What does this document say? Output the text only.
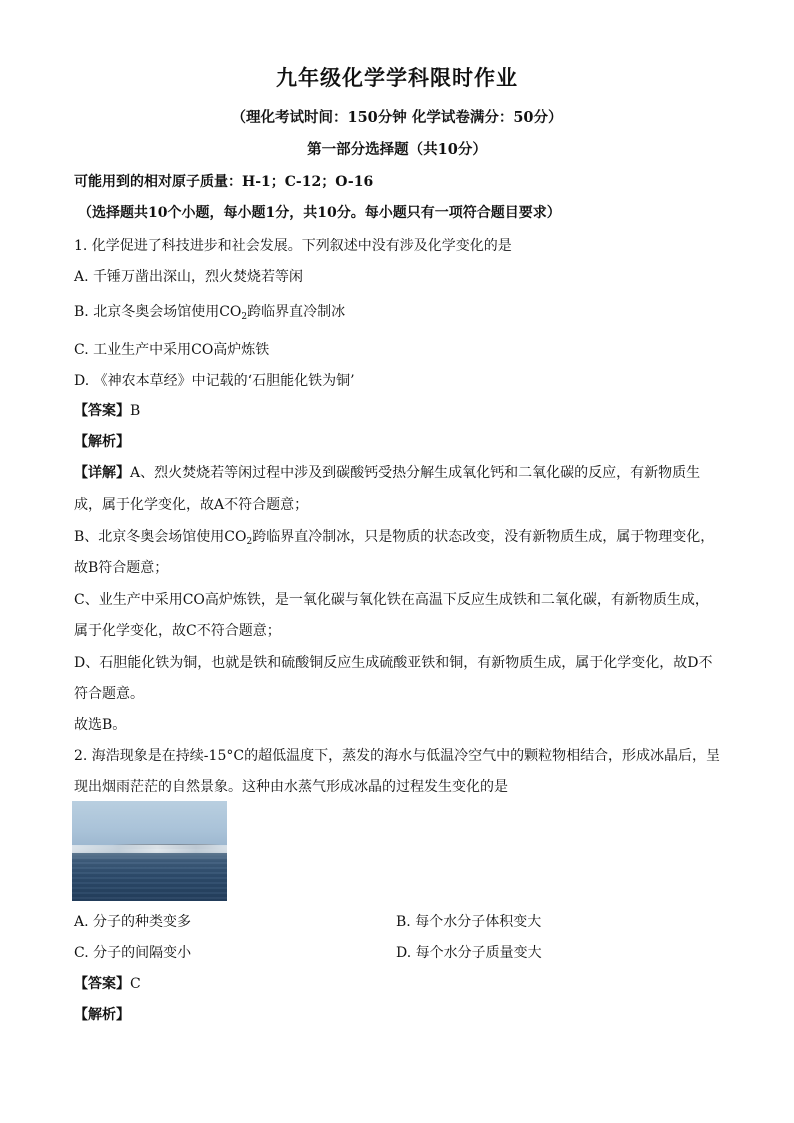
九年级化学学科限时作业
（理化考试时间：150分钟 化学试卷满分：50分）
第一部分选择题（共10分）
可能用到的相对原子质量：H-1；C-12；O-16
（选择题共10个小题，每小题1分，共10分。每小题只有一项符合题目要求）
1. 化学促进了科技进步和社会发展。下列叙述中没有涉及化学变化的是
A. 千锤万凿出深山，烈火焚烧若等闲
B. 北京冬奥会场馆使用$CO_2$跨临界直冷制冰
C. 工业生产中采用CO高炉炼铁
D. 《神农本草经》中记载的‘石胆能化铁为铜’
【答案】B
【解析】
【详解】A、烈火焚烧若等闲过程中涉及到碳酸钙受热分解生成氧化钙和二氧化碳的反应，有新物质生
成，属于化学变化，故A不符合题意；
B、北京冬奥会场馆使用$CO_2$跨临界直冷制冰，只是物质的状态改变，没有新物质生成，属于物理变化，
故B符合题意；
C、业生产中采用CO高炉炼铁，是一氧化碳与氧化铁在高温下反应生成铁和二氧化碳，有新物质生成，
属于化学变化，故C不符合题意；
D、石胆能化铁为铜，也就是铁和硫酸铜反应生成硫酸亚铁和铜，有新物质生成，属于化学变化，故D不
符合题意。
故选B。
2. 海浩现象是在持续-15°C的超低温度下，蒸发的海水与低温冷空气中的颗粒物相结合，形成冰晶后，呈
现出烟雨茫茫的自然景象。这种由水蒸气形成冰晶的过程发生变化的是
A. 分子的种类变多	B. 每个水分子体积变大
C. 分子的间隔变小	D. 每个水分子质量变大
【答案】C
【解析】
